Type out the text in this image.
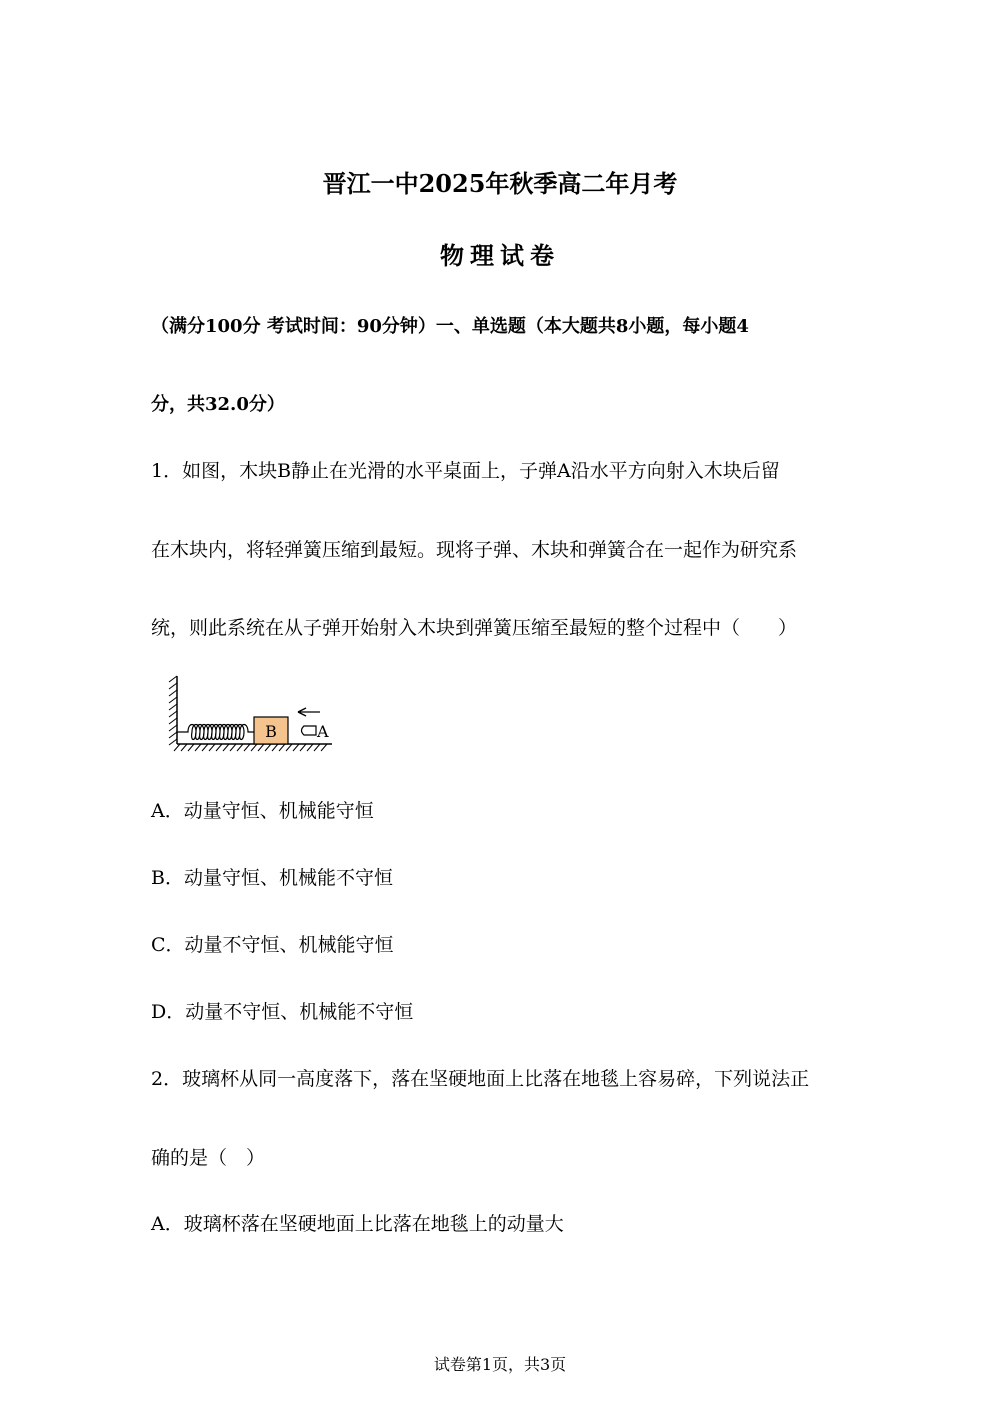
晋江一中2025年秋季高二年月考
物理试卷
（满分100分 考试时间：90分钟）一、单选题（本大题共8小题，每小题4
分，共32.0分）
1．如图，木块B静止在光滑的水平桌面上，子弹A沿水平方向射入木块后留
在木块内，将轻弹簧压缩到最短。现将子弹、木块和弹簧合在一起作为研究系
统，则此系统在从子弹开始射入木块到弹簧压缩至最短的整个过程中（　　）
B	A
A．动量守恒、机械能守恒
B．动量守恒、机械能不守恒
C．动量不守恒、机械能守恒
D．动量不守恒、机械能不守恒
2．玻璃杯从同一高度落下，落在坚硬地面上比落在地毯上容易碎，下列说法正
确的是（　）
A．玻璃杯落在坚硬地面上比落在地毯上的动量大
试卷第1页，共3页
